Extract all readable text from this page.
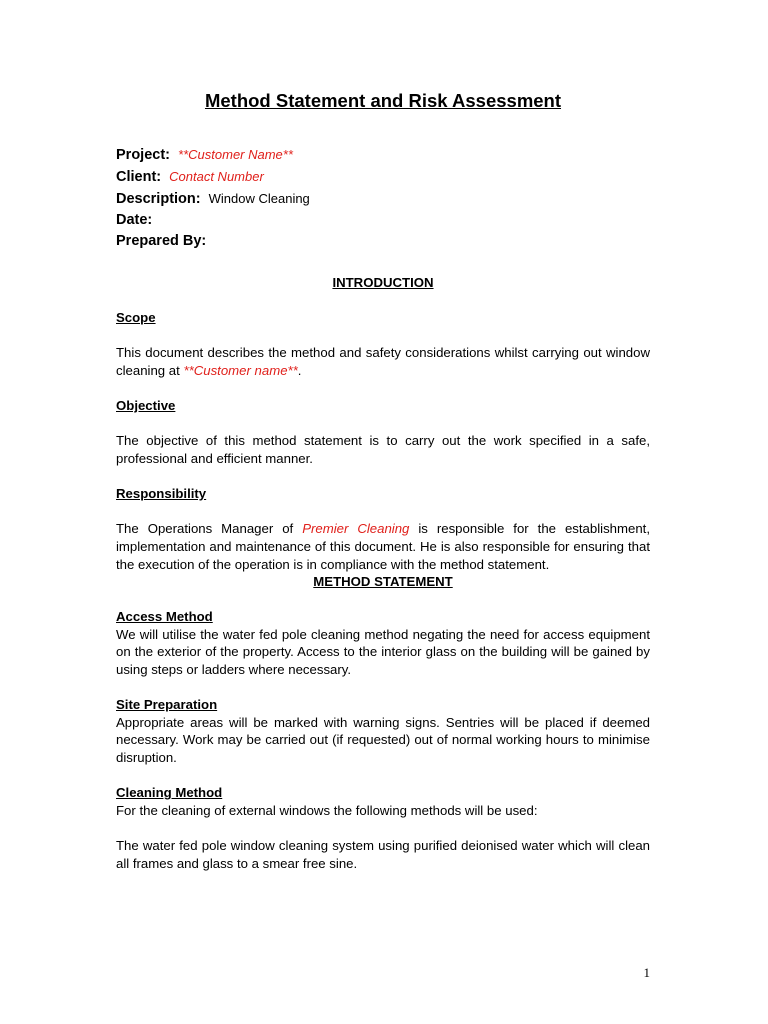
Method Statement and Risk Assessment
Project: **Customer Name**
Client: Contact Number
Description: Window Cleaning
Date:
Prepared By:
INTRODUCTION
Scope

This document describes the method and safety considerations whilst carrying out window cleaning at **Customer name**.

Objective

The objective of this method statement is to carry out the work specified in a safe, professional and efficient manner.

Responsibility

The Operations Manager of Premier Cleaning is responsible for the establishment, implementation and maintenance of this document. He is also responsible for ensuring that the execution of the operation is in compliance with the method statement.

METHOD STATEMENT
Access Method

We will utilise the water fed pole cleaning method negating the need for access equipment on the exterior of the property. Access to the interior glass on the building will be gained by using steps or ladders where necessary.

Site Preparation

Appropriate areas will be marked with warning signs. Sentries will be placed if deemed necessary. Work may be carried out (if requested) out of normal working hours to minimise disruption.

Cleaning Method

For the cleaning of external windows the following methods will be used:

The water fed pole window cleaning system using purified deionised water which will clean all frames and glass to a smear free sine.

1
